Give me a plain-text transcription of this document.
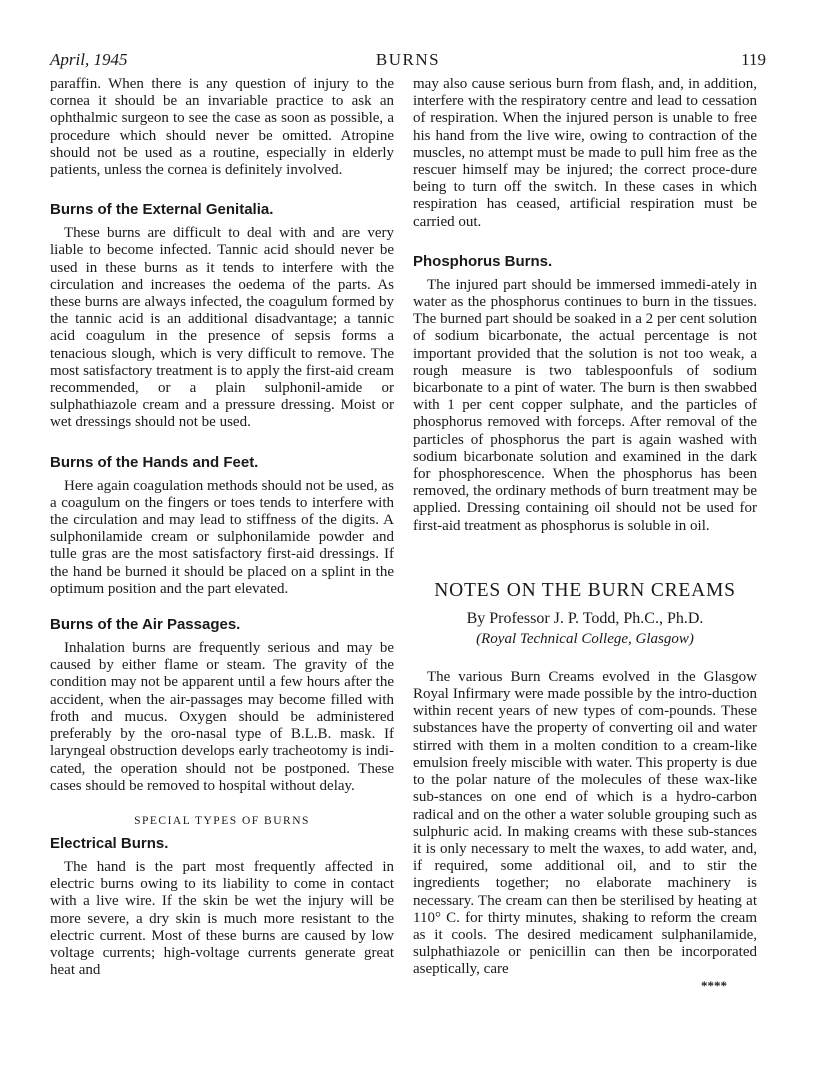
April, 1945	BURNS	119

paraffin. When there is any question of injury to the cornea it should be an invariable practice to ask an ophthalmic surgeon to see the case as soon as possible, a procedure which should never be omitted. Atropine should not be used as a routine, especially in elderly patients, unless the cornea is definitely involved.

Burns of the External Genitalia.

These burns are difficult to deal with and are very liable to become infected. Tannic acid should never be used in these burns as it tends to interfere with the circulation and increases the oedema of the parts. As these burns are always infected, the coagulum formed by the tannic acid is an additional disadvantage; a tannic acid coagulum in the presence of sepsis forms a tenacious slough, which is very difficult to remove. The most satisfactory treatment is to apply the first-aid cream recommended, or a plain sulphonil-amide or sulphathiazole cream and a pressure dressing. Moist or wet dressings should not be used.

Burns of the Hands and Feet.

Here again coagulation methods should not be used, as a coagulum on the fingers or toes tends to interfere with the circulation and may lead to stiffness of the digits. A sulphonilamide cream or sulphonilamide powder and tulle gras are the most satisfactory first-aid dressings. If the hand be burned it should be placed on a splint in the optimum position and the part elevated.

Burns of the Air Passages.

Inhalation burns are frequently serious and may be caused by either flame or steam. The gravity of the condition may not be apparent until a few hours after the accident, when the air-passages may become filled with froth and mucus. Oxygen should be administered preferably by the oro-nasal type of B.L.B. mask. If laryngeal obstruction develops early tracheotomy is indi-cated, the operation should not be postponed. These cases should be removed to hospital without delay.

SPECIAL TYPES OF BURNS
Electrical Burns.

The hand is the part most frequently affected in electric burns owing to its liability to come in contact with a live wire. If the skin be wet the injury will be more severe, a dry skin is much more resistant to the electric current. Most of these burns are caused by low voltage currents; high-voltage currents generate great heat and

may also cause serious burn from flash, and, in addition, interfere with the respiratory centre and lead to cessation of respiration. When the injured person is unable to free his hand from the live wire, owing to contraction of the muscles, no attempt must be made to pull him free as the rescuer himself may be injured; the correct proce-dure being to turn off the switch. In these cases in which respiration has ceased, artificial respiration must be carried out.

Phosphorus Burns.

The injured part should be immersed immedi-ately in water as the phosphorus continues to burn in the tissues. The burned part should be soaked in a 2 per cent solution of sodium bicarbonate, the actual percentage is not important provided that the solution is not too weak, a rough measure is two tablespoonfuls of sodium bicarbonate to a pint of water. The burn is then swabbed with 1 per cent copper sulphate, and the particles of phosphorus removed with forceps. After removal of the particles of phosphorus the part is again washed with sodium bicarbonate solution and examined in the dark for phosphorescence. When the phosphorus has been removed, the ordinary methods of burn treatment may be applied. Dressing containing oil should not be used for first-aid treatment as phosphorus is soluble in oil.

NOTES ON THE BURN CREAMS
By Professor J. P. Todd, Ph.C., Ph.D.
(Royal Technical College, Glasgow)

The various Burn Creams evolved in the Glasgow Royal Infirmary were made possible by the intro-duction within recent years of new types of com-pounds. These substances have the property of converting oil and water stirred with them in a molten condition to a cream-like emulsion freely miscible with water. This property is due to the polar nature of the molecules of these wax-like sub-stances on one end of which is a hydro-carbon radical and on the other a water soluble grouping such as sulphuric acid. In making creams with these sub-stances it is only necessary to melt the waxes, to add water, and, if required, some additional oil, and to stir the ingredients together; no elaborate machinery is necessary. The cream can then be sterilised by heating at 110° C. for thirty minutes, shaking to reform the cream as it cools. The desired medicament sulphanilamide, sulphathiazole or penicillin can then be incorporated aseptically, care

****
